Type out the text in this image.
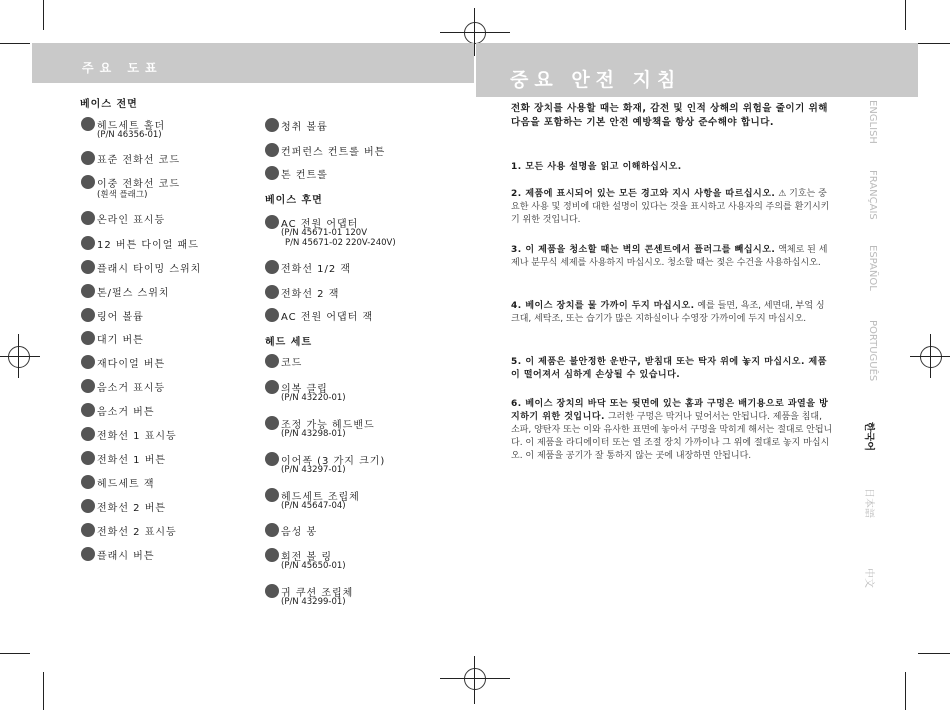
주요 도표
중요 안전 지침
베이스 전면
헤드세트 홀더
(P/N 46356-01)
표준 전화선 코드
이중 전화선 코드
(흰색 플래그)
온라인 표시등
12 버튼 다이얼 패드
플래시 타이밍 스위치
톤/펄스 스위치
링어 볼륨
대기 버튼
재다이얼 버튼
음소거 표시등
음소거 버튼
전화선 1 표시등
전화선 1 버튼
헤드세트 잭
전화선 2 버튼
전화선 2 표시등
플래시 버튼
청취 볼륨
컨퍼런스 컨트롤 버튼
톤 컨트롤
AC 전원 어댑터
(P/N 45671-01 120V
P/N 45671-02 220V-240V)
전화선 1/2 잭
전화선 2 잭
AC 전원 어댑터 잭
코드
의복 클립
(P/N 43220-01)
조정 가능 헤드밴드
(P/N 43298-01)
이어폭 (3 가지 크기)
(P/N 43297-01)
헤드세트 조립체
(P/N 45647-04)
음성 봉
회전 볼 링
(P/N 45650-01)
귀 쿠션 조립체
(P/N 43299-01)
베이스 후면
헤드 세트
전화 장치를 사용할 때는 화재, 감전 및 인적 상해의 위험을 줄이기 위해 다음을 포함하는 기본 안전 예방책을 항상 준수해야 합니다.
1. 모든 사용 설명을 읽고 이해하십시오.
2. 제품에 표시되어 있는 모든 경고와 지시 사항을 따르십시오. ⚠ 기호는 중요한 사용 및 정비에 대한 설명이 있다는 것을 표시하고 사용자의 주의를 환기시키기 위한 것입니다.
3. 이 제품을 청소할 때는 벽의 콘센트에서 플러그를 빼십시오. 액체로 된 세제나 분무식 세제를 사용하지 마십시오. 청소할 때는 젖은 수건을 사용하십시오.
4. 베이스 장치를 물 가까이 두지 마십시오. 예를 들면, 욕조, 세면대, 부엌 싱크대, 세탁조, 또는 습기가 많은 지하실이나 수영장 가까이에 두지 마십시오.
5. 이 제품은 불안정한 운반구, 받침대 또는 탁자 위에 놓지 마십시오. 제품이 떨어져서 심하게 손상될 수 있습니다.
6. 베이스 장치의 바닥 또는 뒷면에 있는 홈과 구멍은 배기용으로 과열을 방지하기 위한 것입니다. 그러한 구멍은 막거나 덮어서는 안됩니다. 제품을 침대, 소파, 양탄자 또는 이와 유사한 표면에 놓아서 구멍을 막히게 해서는 절대로 안됩니다. 이 제품을 라디에이터 또는 열 조절 장치 가까이나 그 위에 절대로 놓지 마십시오. 이 제품을 공기가 잘 통하지 않는 곳에 내장하면 안됩니다.
ENGLISH
FRANÇAIS
ESPAÑOL
PORTUGUÊS
한국어
日本語
中文
